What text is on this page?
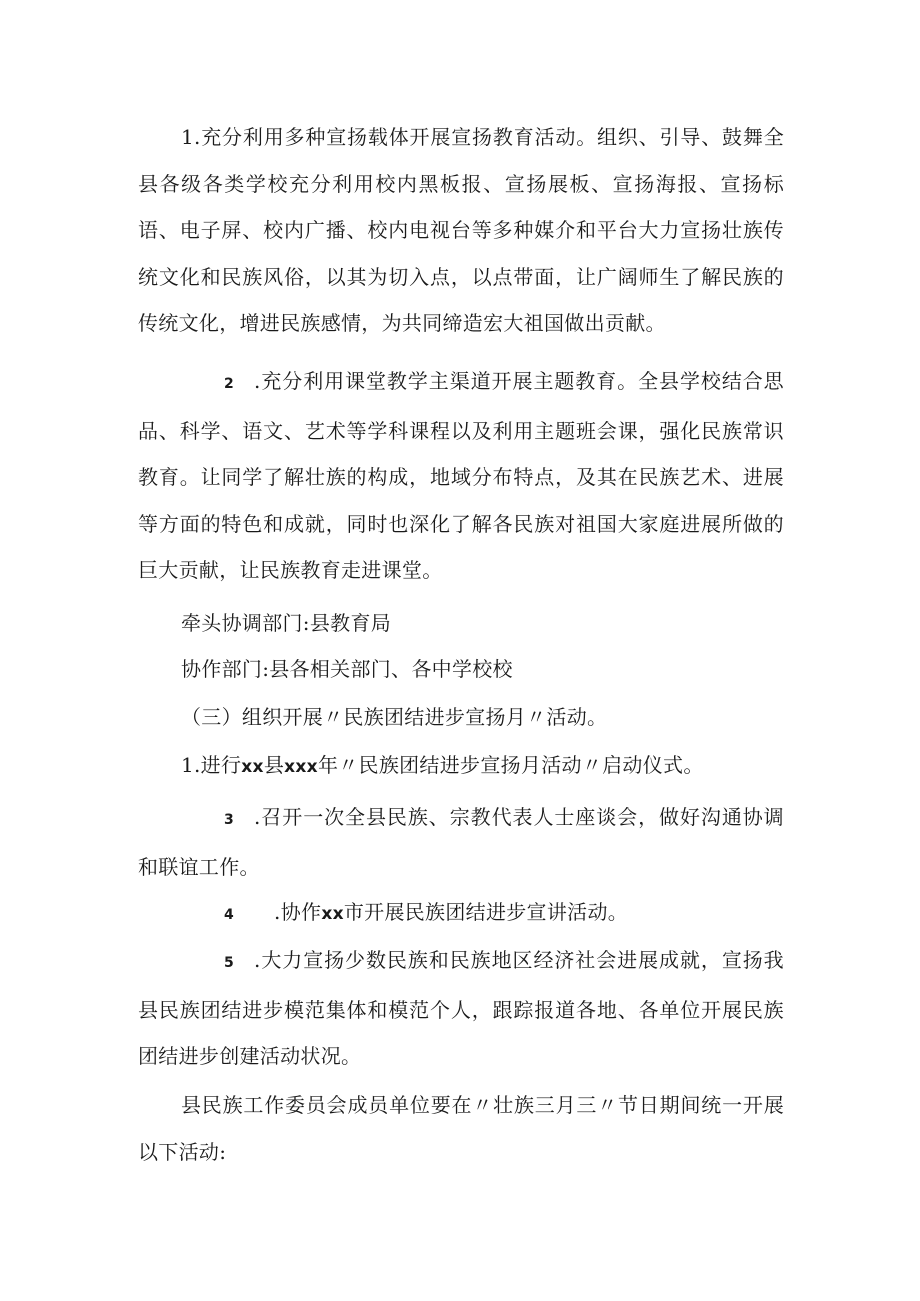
1.充分利用多种宣扬载体开展宣扬教育活动。组织、引导、鼓舞全县各级各类学校充分利用校内黑板报、宣扬展板、宣扬海报、宣扬标语、电子屏、校内广播、校内电视台等多种媒介和平台大力宣扬壮族传统文化和民族风俗，以其为切入点，以点带面，让广阔师生了解民族的传统文化，增进民族感情，为共同缔造宏大祖国做出贡献。

2 .充分利用课堂教学主渠道开展主题教育。全县学校结合思品、科学、语文、艺术等学科课程以及利用主题班会课，强化民族常识教育。让同学了解壮族的构成，地域分布特点，及其在民族艺术、进展等方面的特色和成就，同时也深化了解各民族对祖国大家庭进展所做的巨大贡献，让民族教育走进课堂。

牵头协调部门:县教育局

协作部门:县各相关部门、各中学校校

（三）组织开展〃民族团结进步宣扬月〃活动。

1.进行xx县xxx年〃民族团结进步宣扬月活动〃启动仪式。

3 .召开一次全县民族、宗教代表人士座谈会，做好沟通协调和联谊工作。

4 .协作xx市开展民族团结进步宣讲活动。

5 .大力宣扬少数民族和民族地区经济社会进展成就，宣扬我县民族团结进步模范集体和模范个人，跟踪报道各地、各单位开展民族团结进步创建活动状况。

县民族工作委员会成员单位要在〃壮族三月三〃节日期间统一开展以下活动:
